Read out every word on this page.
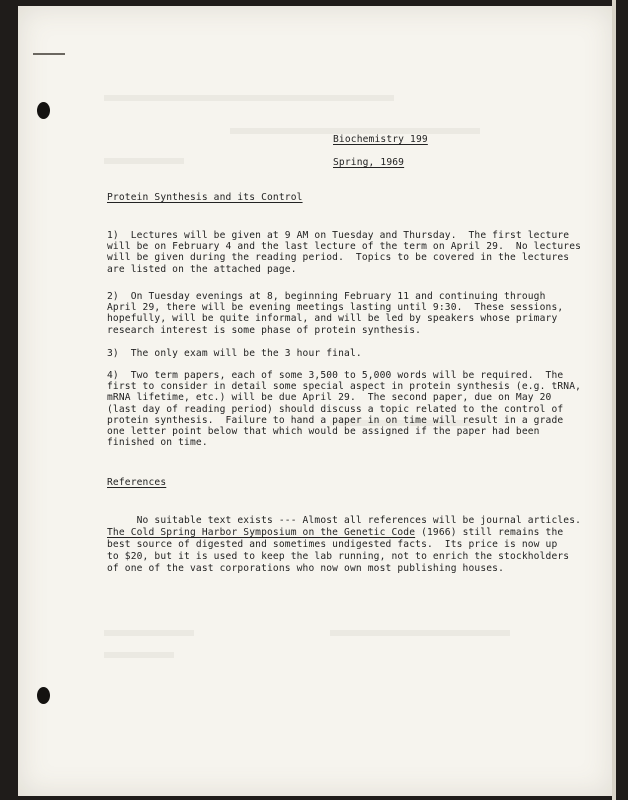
Biochemistry 199
Spring, 1969
Protein Synthesis and its Control
1)  Lectures will be given at 9 AM on Tuesday and Thursday.  The first lecture
will be on February 4 and the last lecture of the term on April 29.  No lectures
will be given during the reading period.  Topics to be covered in the lectures
are listed on the attached page.
2)  On Tuesday evenings at 8, beginning February 11 and continuing through
April 29, there will be evening meetings lasting until 9:30.  These sessions,
hopefully, will be quite informal, and will be led by speakers whose primary
research interest is some phase of protein synthesis.
3)  The only exam will be the 3 hour final.
4)  Two term papers, each of some 3,500 to 5,000 words will be required.  The
first to consider in detail some special aspect in protein synthesis (e.g. tRNA,
mRNA lifetime, etc.) will be due April 29.  The second paper, due on May 20
(last day of reading period) should discuss a topic related to the control of
protein synthesis.  Failure to hand a paper in on time will result in a grade
one letter point below that which would be assigned if the paper had been
finished on time.
References
No suitable text exists --- Almost all references will be journal articles.
The Cold Spring Harbor Symposium on the Genetic Code (1966) still remains the
best source of digested and sometimes undigested facts.  Its price is now up
to $20, but it is used to keep the lab running, not to enrich the stockholders
of one of the vast corporations who now own most publishing houses.
